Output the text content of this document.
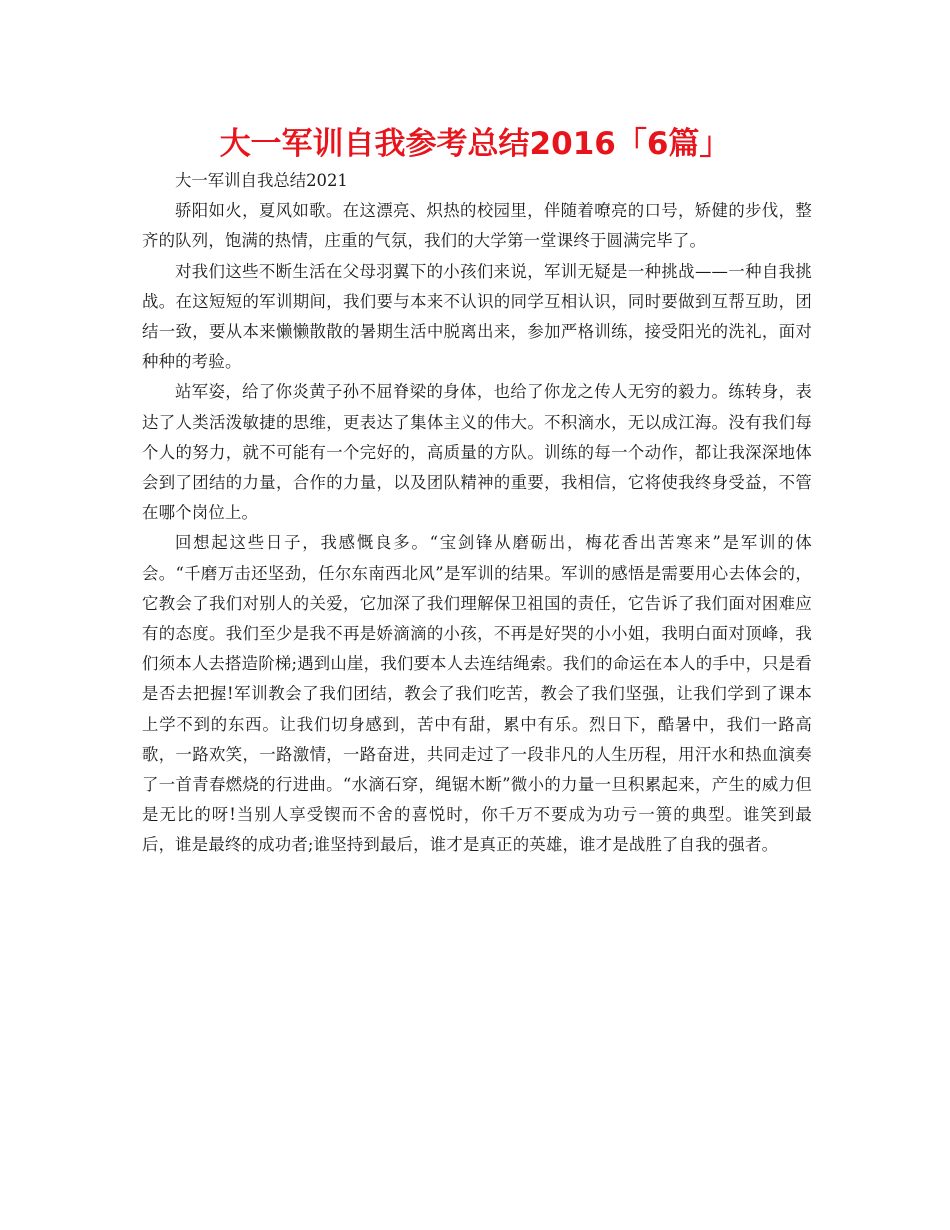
大一军训自我参考总结2016「6篇」

大一军训自我总结2021

骄阳如火，夏风如歌。在这漂亮、炽热的校园里，伴随着嘹亮的口号，矫健的步伐，整齐的队列，饱满的热情，庄重的气氛，我们的大学第一堂课终于圆满完毕了。

对我们这些不断生活在父母羽翼下的小孩们来说，军训无疑是一种挑战——一种自我挑战。在这短短的军训期间，我们要与本来不认识的同学互相认识，同时要做到互帮互助，团结一致，要从本来懒懒散散的暑期生活中脱离出来，参加严格训练，接受阳光的洗礼，面对种种的考验。

站军姿，给了你炎黄子孙不屈脊梁的身体，也给了你龙之传人无穷的毅力。练转身，表达了人类活泼敏捷的思维，更表达了集体主义的伟大。不积滴水，无以成江海。没有我们每个人的努力，就不可能有一个完好的，高质量的方队。训练的每一个动作，都让我深深地体会到了团结的力量，合作的力量，以及团队精神的重要，我相信，它将使我终身受益，不管在哪个岗位上。

回想起这些日子，我感慨良多。“宝剑锋从磨砺出，梅花香出苦寒来”是军训的体会。“千磨万击还坚劲，任尔东南西北风”是军训的结果。军训的感悟是需要用心去体会的，它教会了我们对别人的关爱，它加深了我们理解保卫祖国的责任，它告诉了我们面对困难应有的态度。我们至少是我不再是娇滴滴的小孩，不再是好哭的小小姐，我明白面对顶峰，我们须本人去搭造阶梯;遇到山崖，我们要本人去连结绳索。我们的命运在本人的手中，只是看是否去把握!军训教会了我们团结，教会了我们吃苦，教会了我们坚强，让我们学到了课本上学不到的东西。让我们切身感到，苦中有甜，累中有乐。烈日下，酷暑中，我们一路高歌，一路欢笑，一路激情，一路奋进，共同走过了一段非凡的人生历程，用汗水和热血演奏了一首青春燃烧的行进曲。“水滴石穿，绳锯木断”微小的力量一旦积累起来，产生的威力但是无比的呀!当别人享受锲而不舍的喜悦时，你千万不要成为功亏一篑的典型。谁笑到最后，谁是最终的成功者;谁坚持到最后，谁才是真正的英雄，谁才是战胜了自我的强者。
